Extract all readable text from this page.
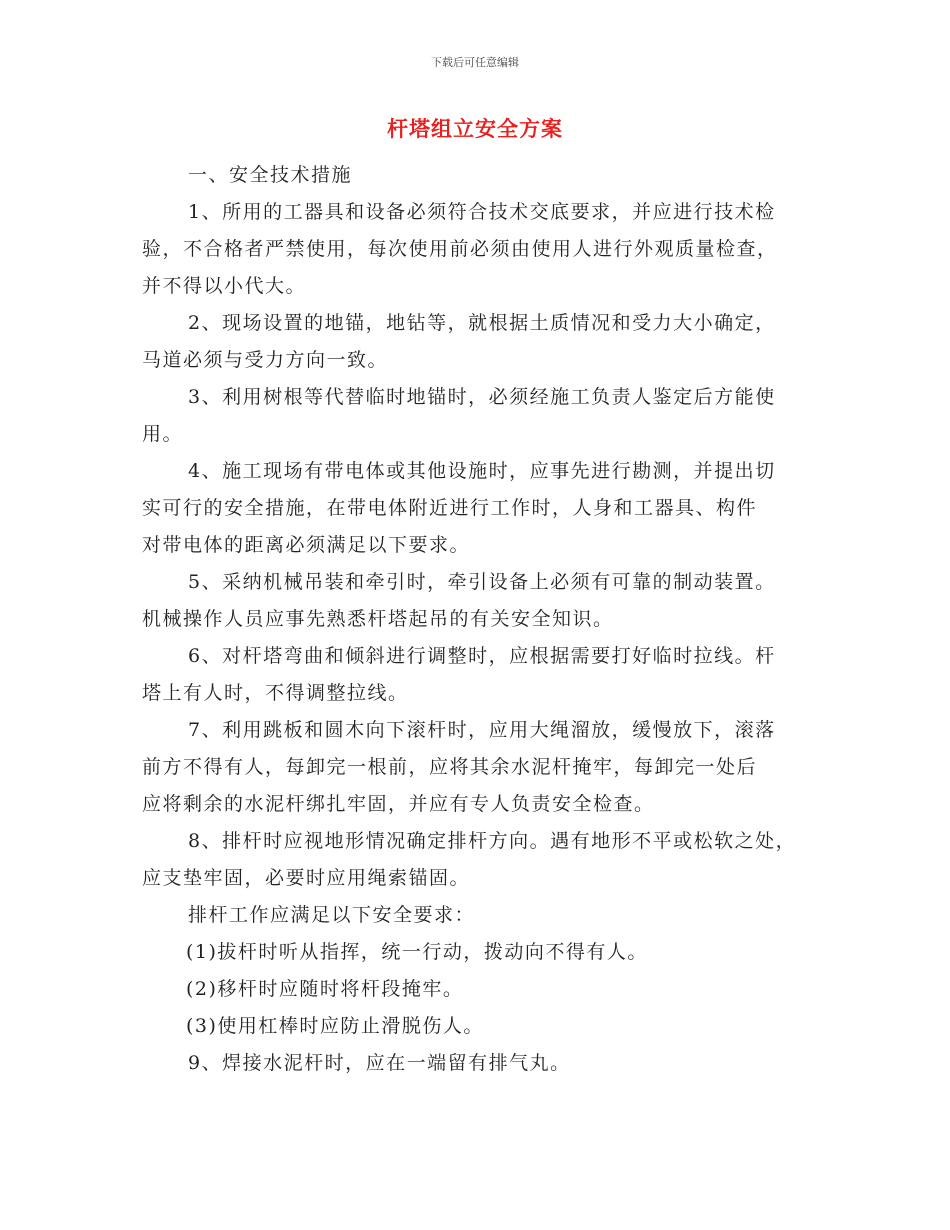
下载后可任意编辑
杆塔组立安全方案
一、安全技术措施
1、所用的工器具和设备必须符合技术交底要求，并应进行技术检
验，不合格者严禁使用，每次使用前必须由使用人进行外观质量检查，
并不得以小代大。
2、现场设置的地锚，地钻等，就根据土质情况和受力大小确定，
马道必须与受力方向一致。
3、利用树根等代替临时地锚时，必须经施工负责人鉴定后方能使
用。
4、施工现场有带电体或其他设施时，应事先进行勘测，并提出切
实可行的安全措施，在带电体附近进行工作时，人身和工器具、构件
对带电体的距离必须满足以下要求。
5、采纳机械吊装和牵引时，牵引设备上必须有可靠的制动装置。
机械操作人员应事先熟悉杆塔起吊的有关安全知识。
6、对杆塔弯曲和倾斜进行调整时，应根据需要打好临时拉线。杆
塔上有人时，不得调整拉线。
7、利用跳板和圆木向下滚杆时，应用大绳溜放，缓慢放下，滚落
前方不得有人，每卸完一根前，应将其余水泥杆掩牢，每卸完一处后
应将剩余的水泥杆绑扎牢固，并应有专人负责安全检查。
8、排杆时应视地形情况确定排杆方向。遇有地形不平或松软之处，
应支垫牢固，必要时应用绳索锚固。
排杆工作应满足以下安全要求：
(1)拔杆时听从指挥，统一行动，拨动向不得有人。
(2)移杆时应随时将杆段掩牢。
(3)使用杠棒时应防止滑脱伤人。
9、焊接水泥杆时，应在一端留有排气丸。
